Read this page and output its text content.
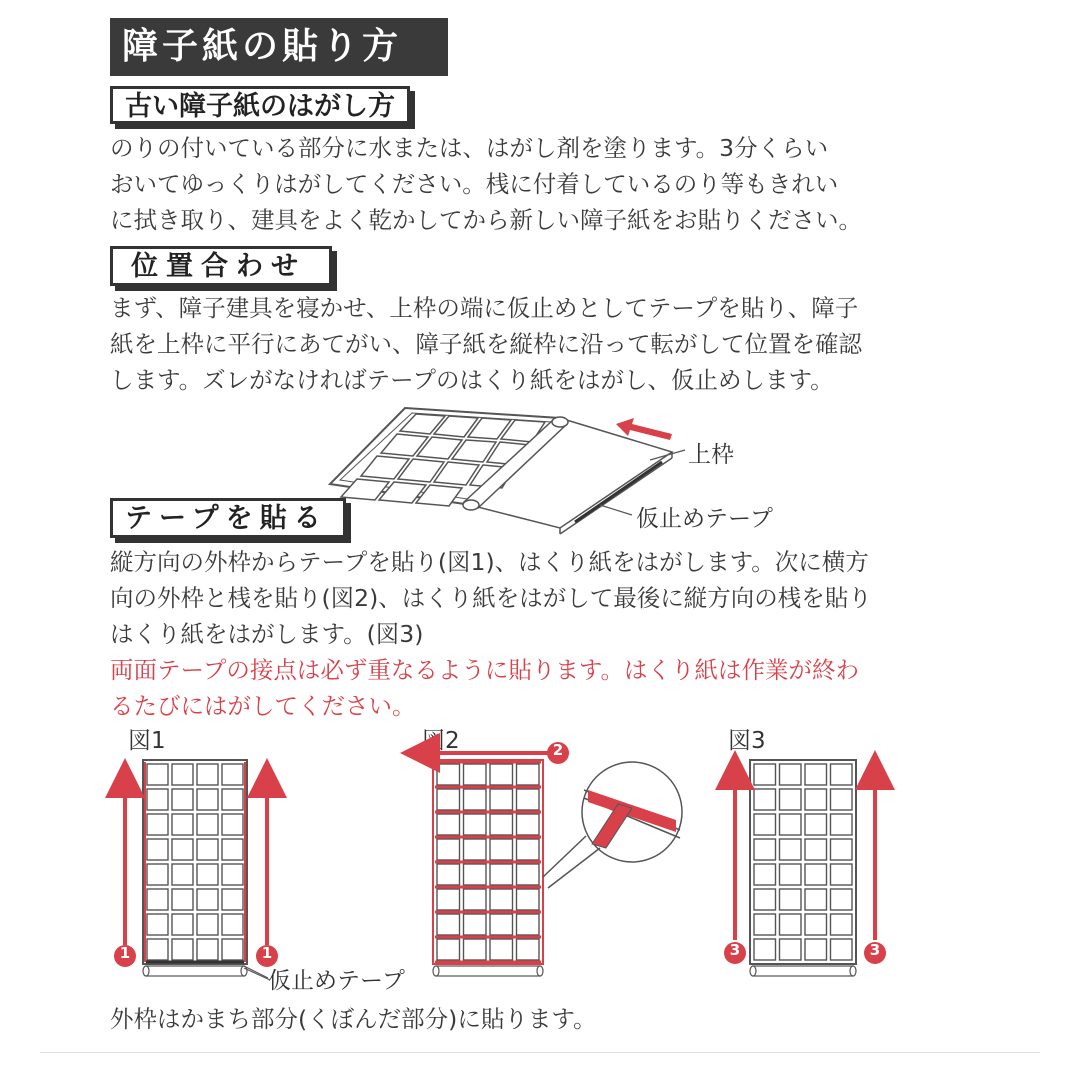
障子紙の貼り方
古い障子紙のはがし方
のりの付いている部分に水または、はがし剤を塗ります。3分くらい
おいてゆっくりはがしてください。桟に付着しているのり等もきれい
に拭き取り、建具をよく乾かしてから新しい障子紙をお貼りください。
位置合わせ
まず、障子建具を寝かせ、上枠の端に仮止めとしてテープを貼り、障子
紙を上枠に平行にあてがい、障子紙を縦枠に沿って転がして位置を確認
します。ズレがなければテープのはくり紙をはがし、仮止めします。
テープを貼る
縦方向の外枠からテープを貼り(図1)、はくり紙をはがします。次に横方
向の外枠と桟を貼り(図2)、はくり紙をはがして最後に縦方向の桟を貼り
はくり紙をはがします。(図3)
両面テープの接点は必ず重なるように貼ります。はくり紙は作業が終わ
るたびにはがしてください。
上枠
仮止めテープ
図1	図2	図3
1	1
2
3	3
仮止めテープ
外枠はかまち部分(くぼんだ部分)に貼ります。
